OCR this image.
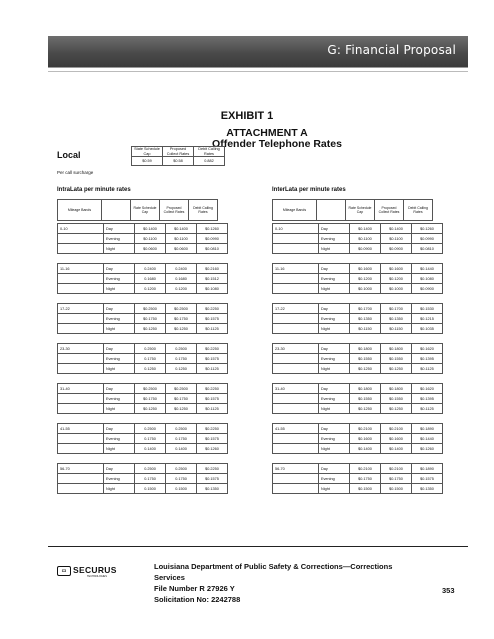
G: Financial Proposal
EXHIBIT 1
ATTACHMENT A
Offender Telephone Rates
Local
State Schedule Cap	Proposed Collect Rates	Debit Calling Rates
$0.59	$0.58	0.882
Per call surcharge
IntraLata per minute rates	InterLata per minute rates
Mileage Bands		Rate Schedule Cap	Proposed Collect Rates	Debit Calling Rates
0-10	Day	$0.1400	$0.1400	$0.1260
	Evening	$0.1100	$0.1100	$0.0990
	Night	$0.0600	$0.0600	$0.0810
11-16	Day	0.2400	0.2400	$0.2160
	Evening	0.1680	0.1680	$0.1512
	Night	0.1200	0.1200	$0.1080
17-22	Day	$0.2500	$0.2500	$0.2250
	Evening	$0.1750	$0.1750	$0.1575
	Night	$0.1250	$0.1250	$0.1125
23-30	Day	0.2500	0.2500	$0.2250
	Evening	0.1750	0.1750	$0.1575
	Night	0.1250	0.1250	$0.1125
31-40	Day	$0.2500	$0.2500	$0.2250
	Evening	$0.1750	$0.1750	$0.1575
	Night	$0.1250	$0.1250	$0.1125
41-55	Day	0.2500	0.2500	$0.2250
	Evening	0.1750	0.1750	$0.1575
	Night	0.1400	0.1400	$0.1260
56-70	Day	0.2500	0.2500	$0.2250
	Evening	0.1750	0.1750	$0.1575
	Night	0.1500	0.1500	$0.1350
Mileage Bands		Rate Schedule Cap	Proposed Collect Rates	Debit Calling Rates
0-10	Day	$0.1400	$0.1400	$0.1260
	Evening	$0.1100	$0.1100	$0.0990
	Night	$0.0900	$0.0900	$0.0810
11-16	Day	$0.1600	$0.1600	$0.1440
	Evening	$0.1200	$0.1200	$0.1080
	Night	$0.1000	$0.1000	$0.0900
17-22	Day	$0.1700	$0.1700	$0.1530
	Evening	$0.1350	$0.1350	$0.1215
	Night	$0.1150	$0.1150	$0.1035
23-30	Day	$0.1800	$0.1800	$0.1620
	Evening	$0.1550	$0.1550	$0.1395
	Night	$0.1250	$0.1250	$0.1125
31-40	Day	$0.1800	$0.1800	$0.1620
	Evening	$0.1550	$0.1550	$0.1395
	Night	$0.1250	$0.1250	$0.1125
41-55	Day	$0.2100	$0.2100	$0.1890
	Evening	$0.1600	$0.1600	$0.1440
	Night	$0.1400	$0.1400	$0.1260
56-70	Day	$0.2100	$0.2100	$0.1890
	Evening	$0.1750	$0.1750	$0.1575
	Night	$0.1500	$0.1500	$0.1350
▭ SECURUS
TECHNOLOGIES
Louisiana Department of Public Safety & Corrections—Corrections Services
File Number R 27926 Y
Solicitation No: 2242788
353
